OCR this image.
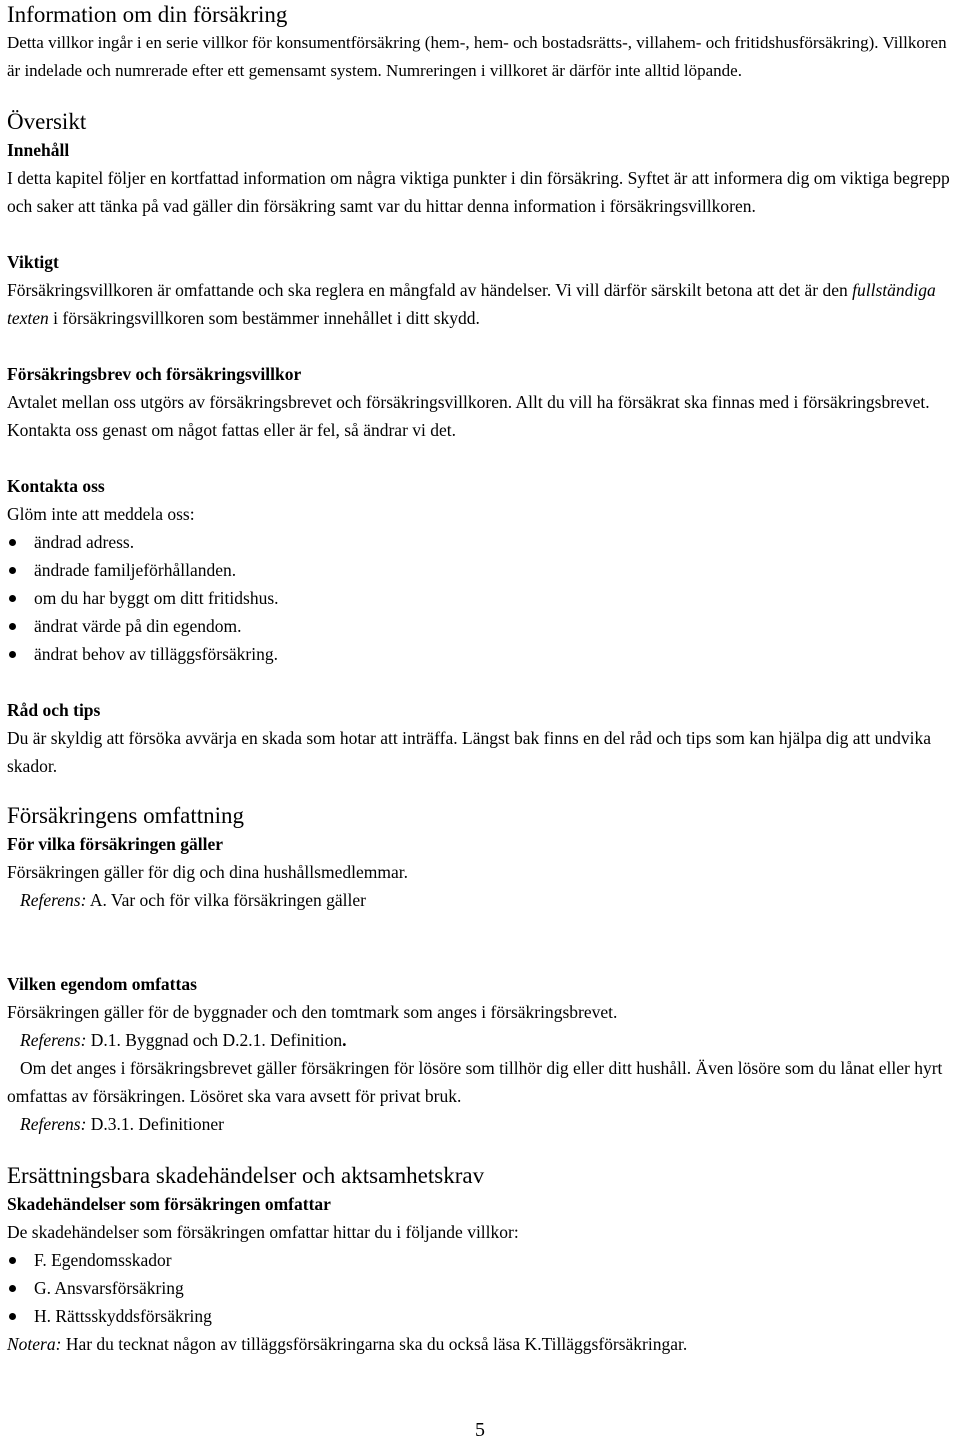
Information om din försäkring

Detta villkor ingår i en serie villkor för konsumentförsäkring (hem-, hem- och bostadsrätts-, villahem- och fritidshusförsäkring). Villkoren är indelade och numrerade efter ett gemensamt system. Numreringen i villkoret är därför inte alltid löpande.

Översikt
Innehåll

I detta kapitel följer en kortfattad information om några viktiga punkter i din försäkring. Syftet är att informera dig om viktiga begrepp och saker att tänka på vad gäller din försäkring samt var du hittar denna information i försäkringsvillkoren.

Viktigt

Försäkringsvillkoren är omfattande och ska reglera en mångfald av händelser. Vi vill därför särskilt betona att det är den fullständiga texten i försäkringsvillkoren som bestämmer innehållet i ditt skydd.

Försäkringsbrev och försäkringsvillkor

Avtalet mellan oss utgörs av försäkringsbrevet och försäkringsvillkoren. Allt du vill ha försäkrat ska finnas med i försäkringsbrevet. Kontakta oss genast om något fattas eller är fel, så ändrar vi det.

Kontakta oss

Glöm inte att meddela oss:

ändrad adress.
ändrade familjeförhållanden.
om du har byggt om ditt fritidshus.
ändrat värde på din egendom.
ändrat behov av tilläggsförsäkring.
Råd och tips

Du är skyldig att försöka avvärja en skada som hotar att inträffa. Längst bak finns en del råd och tips som kan hjälpa dig att undvika skador.

Försäkringens omfattning
För vilka försäkringen gäller

Försäkringen gäller för dig och dina hushållsmedlemmar.

Referens: A. Var och för vilka försäkringen gäller

Vilken egendom omfattas

Försäkringen gäller för de byggnader och den tomtmark som anges i försäkringsbrevet.

Referens: D.1. Byggnad och D.2.1. Definition.

Om det anges i försäkringsbrevet gäller försäkringen för lösöre som tillhör dig eller ditt hushåll. Även lösöre som du lånat eller hyrt omfattas av försäkringen. Lösöret ska vara avsett för privat bruk.

Referens: D.3.1. Definitioner

Ersättningsbara skadehändelser och aktsamhetskrav
Skadehändelser som försäkringen omfattar

De skadehändelser som försäkringen omfattar hittar du i följande villkor:

F. Egendomsskador
G. Ansvarsförsäkring
H. Rättsskyddsförsäkring

Notera: Har du tecknat någon av tilläggsförsäkringarna ska du också läsa K.Tilläggsförsäkringar.

5
